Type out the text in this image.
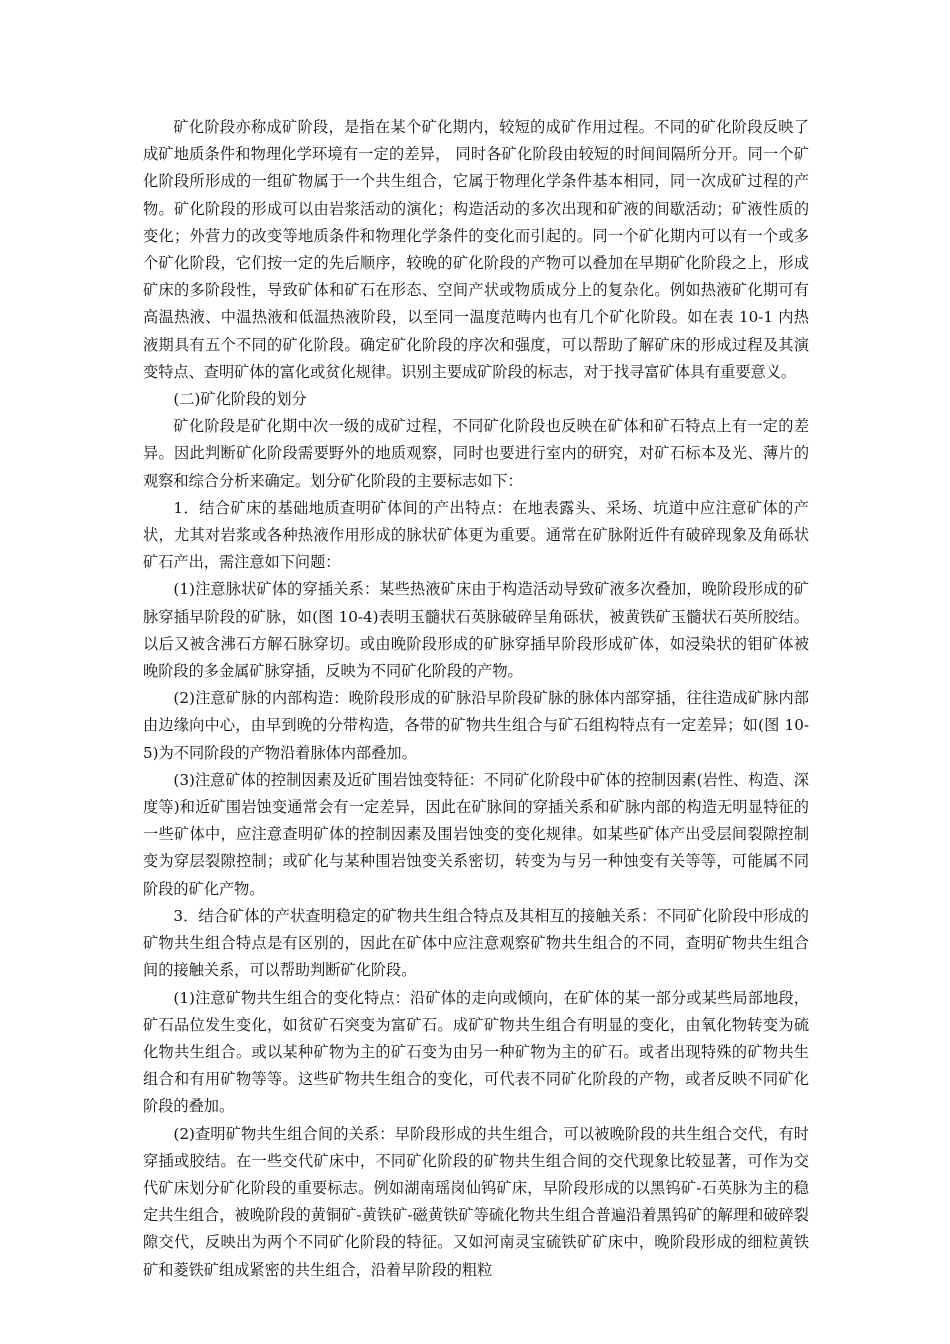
矿化阶段亦称成矿阶段，是指在某个矿化期内，较短的成矿作用过程。不同的矿化阶段反映了成矿地质条件和物理化学环境有一定的差异， 同时各矿化阶段由较短的时间间隔所分开。同一个矿化阶段所形成的一组矿物属于一个共生组合，它属于物理化学条件基本相同，同一次成矿过程的产物。矿化阶段的形成可以由岩浆活动的演化；构造活动的多次出现和矿液的间歇活动；矿液性质的变化；外营力的改变等地质条件和物理化学条件的变化而引起的。同一个矿化期内可以有一个或多个矿化阶段，它们按一定的先后顺序，较晚的矿化阶段的产物可以叠加在早期矿化阶段之上，形成矿床的多阶段性，导致矿体和矿石在形态、空间产状或物质成分上的复杂化。例如热液矿化期可有高温热液、中温热液和低温热液阶段，以至同一温度范畴内也有几个矿化阶段。如在表 10-1 内热液期具有五个不同的矿化阶段。确定矿化阶段的序次和强度，可以帮助了解矿床的形成过程及其演变特点、查明矿体的富化或贫化规律。识别主要成矿阶段的标志，对于找寻富矿体具有重要意义。

(二)矿化阶段的划分

矿化阶段是矿化期中次一级的成矿过程，不同矿化阶段也反映在矿体和矿石特点上有一定的差异。因此判断矿化阶段需要野外的地质观察，同时也要进行室内的研究，对矿石标本及光、薄片的观察和综合分析来确定。划分矿化阶段的主要标志如下：

1．结合矿床的基础地质查明矿体间的产出特点：在地表露头、采场、坑道中应注意矿体的产状，尤其对岩浆或各种热液作用形成的脉状矿体更为重要。通常在矿脉附近件有破碎现象及角砾状矿石产出，需注意如下问题：

(1)注意脉状矿体的穿插关系：某些热液矿床由于构造活动导致矿液多次叠加，晚阶段形成的矿脉穿插早阶段的矿脉，如(图 10-4)表明玉髓状石英脉破碎呈角砾状，被黄铁矿玉髓状石英所胶结。以后又被含沸石方解石脉穿切。或由晚阶段形成的矿脉穿插早阶段形成矿体，如浸染状的钼矿体被晚阶段的多金属矿脉穿插，反映为不同矿化阶段的产物。

(2)注意矿脉的内部构造：晚阶段形成的矿脉沿早阶段矿脉的脉体内部穿插，往往造成矿脉内部由边缘向中心，由早到晚的分带构造，各带的矿物共生组合与矿石组构特点有一定差异；如(图 10-5)为不同阶段的产物沿着脉体内部叠加。

(3)注意矿体的控制因素及近矿围岩蚀变特征：不同矿化阶段中矿体的控制因素(岩性、构造、深度等)和近矿围岩蚀变通常会有一定差异，因此在矿脉间的穿插关系和矿脉内部的构造无明显特征的一些矿体中，应注意查明矿体的控制因素及围岩蚀变的变化规律。如某些矿体产出受层间裂隙控制变为穿层裂隙控制；或矿化与某种围岩蚀变关系密切，转变为与另一种蚀变有关等等，可能属不同阶段的矿化产物。

3．结合矿体的产状查明稳定的矿物共生组合特点及其相互的接触关系：不同矿化阶段中形成的矿物共生组合特点是有区别的，因此在矿体中应注意观察矿物共生组合的不同，查明矿物共生组合间的接触关系，可以帮助判断矿化阶段。

(1)注意矿物共生组合的变化特点：沿矿体的走向或倾向，在矿体的某一部分或某些局部地段，矿石品位发生变化，如贫矿石突变为富矿石。成矿矿物共生组合有明显的变化，由氧化物转变为硫化物共生组合。或以某种矿物为主的矿石变为由另一种矿物为主的矿石。或者出现特殊的矿物共生组合和有用矿物等等。这些矿物共生组合的变化，可代表不同矿化阶段的产物，或者反映不同矿化阶段的叠加。

(2)查明矿物共生组合间的关系：早阶段形成的共生组合，可以被晚阶段的共生组合交代，有时穿插或胶结。在一些交代矿床中，不同矿化阶段的矿物共生组合间的交代现象比较显著，可作为交代矿床划分矿化阶段的重要标志。例如湖南瑶岗仙钨矿床，早阶段形成的以黑钨矿-石英脉为主的稳定共生组合，被晚阶段的黄铜矿-黄铁矿-磁黄铁矿等硫化物共生组合普遍沿着黑钨矿的解理和破碎裂隙交代，反映出为两个不同矿化阶段的特征。又如河南灵宝硫铁矿矿床中，晚阶段形成的细粒黄铁矿和菱铁矿组成紧密的共生组合，沿着早阶段的粗粒
